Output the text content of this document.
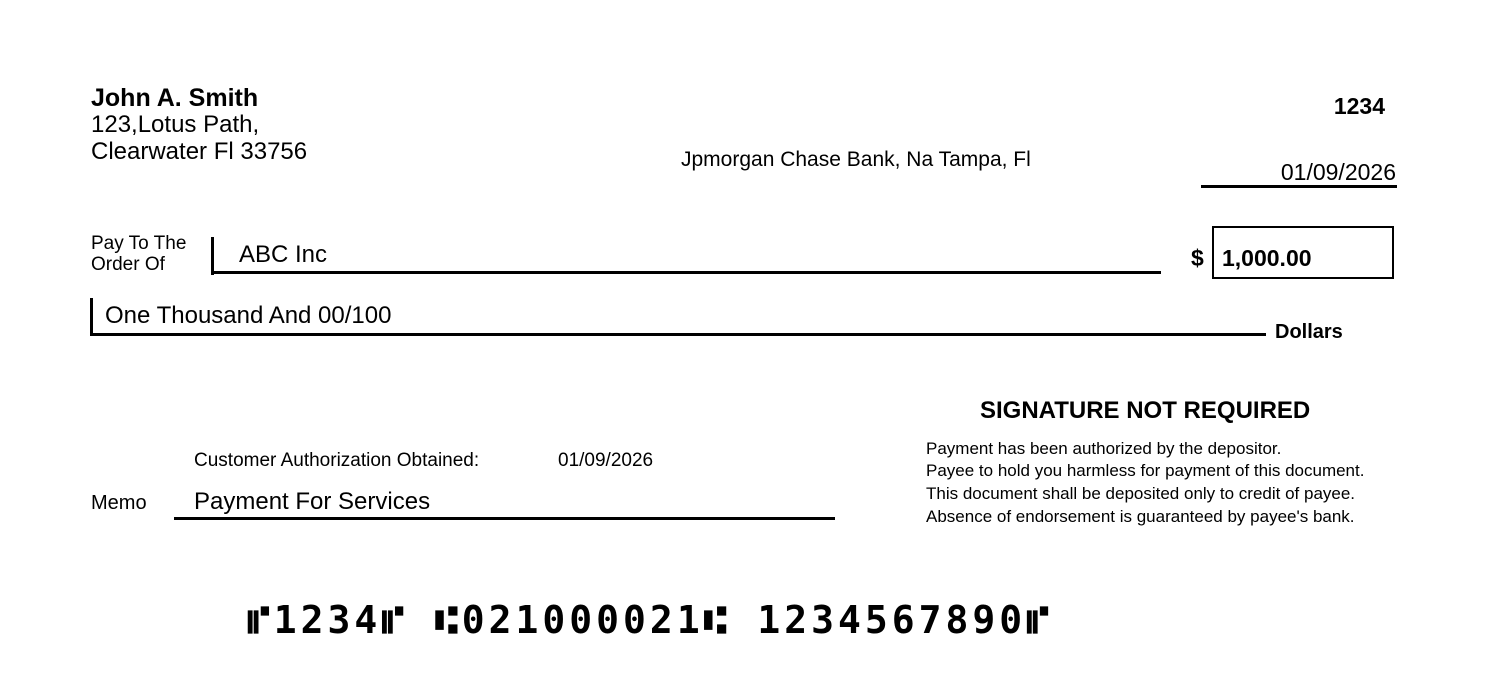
John A. Smith
123,Lotus Path,
Clearwater Fl 33756
1234
Jpmorgan Chase Bank, Na Tampa, Fl	01/09/2026
Pay To The
Order Of	ABC Inc	$ 1,000.00
One Thousand And 00/100
Dollars
SIGNATURE NOT REQUIRED
Payment has been authorized by the depositor.
Payee to hold you harmless for payment of this document.
This document shall be deposited only to credit of payee.
Absence of endorsement is guaranteed by payee's bank.
Customer Authorization Obtained:	01/09/2026
Memo Payment For Services
⑈1234⑈ ⑆021000021⑆ 1234567890⑈
